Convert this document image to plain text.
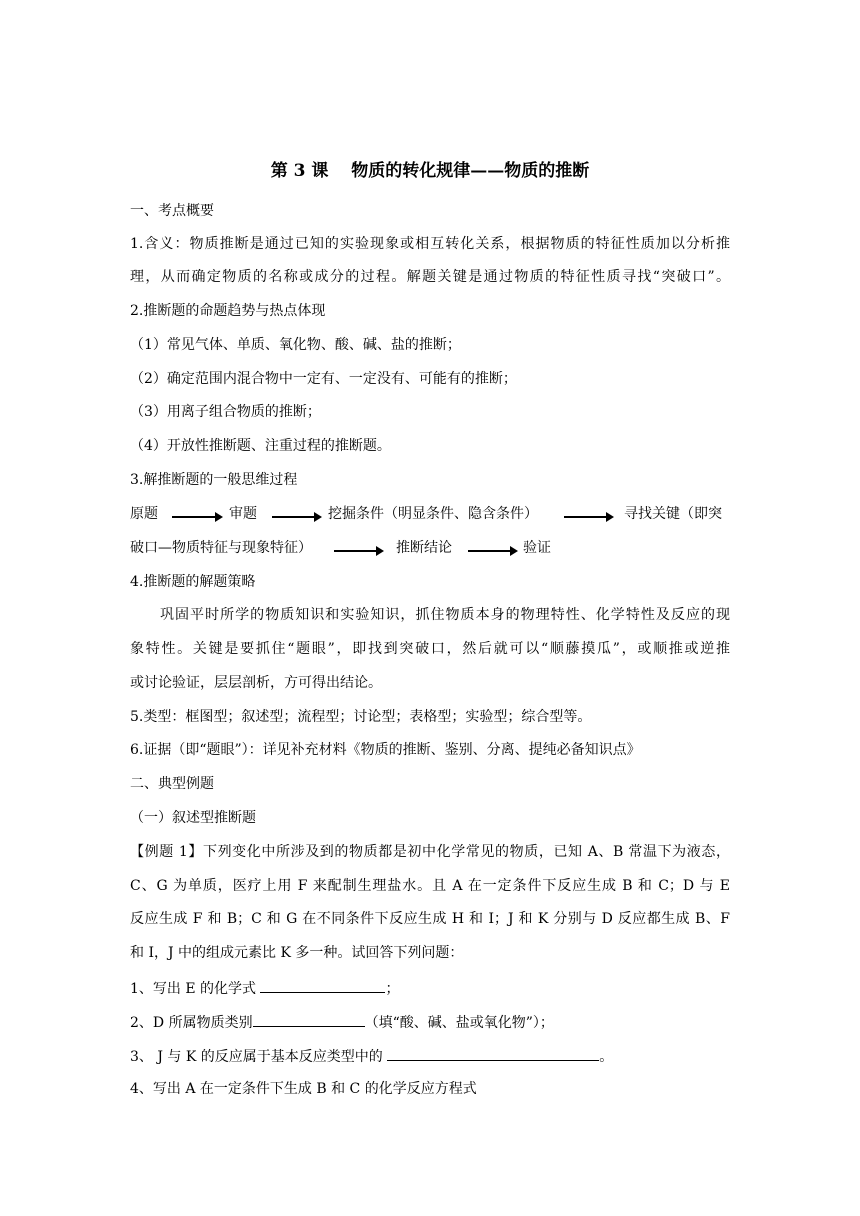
第 3 课　 物质的转化规律——物质的推断
一、考点概要
1.含义：物质推断是通过已知的实验现象或相互转化关系，根据物质的特征性质加以分析推
理，从而确定物质的名称或成分的过程。解题关键是通过物质的特征性质寻找“突破口”。
2.推断题的命题趋势与热点体现
（1）常见气体、单质、氧化物、酸、碱、盐的推断；
（2）确定范围内混合物中一定有、一定没有、可能有的推断；
（3）用离子组合物质的推断；
（4）开放性推断题、注重过程的推断题。
3.解推断题的一般思维过程
原题	审题	挖掘条件（明显条件、隐含条件）	寻找关键（即突
破口—物质特征与现象特征）	推断结论	验证
4.推断题的解题策略
巩固平时所学的物质知识和实验知识，抓住物质本身的物理特性、化学特性及反应的现
象特性。关键是要抓住“题眼”，即找到突破口，然后就可以“顺藤摸瓜”，或顺推或逆推
或讨论验证，层层剖析，方可得出结论。
5.类型：框图型；叙述型；流程型；讨论型；表格型；实验型；综合型等。
6.证据（即“题眼”）：详见补充材料《物质的推断、鉴别、分离、提纯必备知识点》
二、典型例题
（一）叙述型推断题
【例题 1】下列变化中所涉及到的物质都是初中化学常见的物质，已知 A、B 常温下为液态，
C、G 为单质，医疗上用 F 来配制生理盐水。且 A 在一定条件下反应生成 B 和 C；D 与 E
反应生成 F 和 B；C 和 G 在不同条件下反应生成 H 和 I；J 和 K 分别与 D 反应都生成 B、F
和 I，J 中的组成元素比 K 多一种。试回答下列问题：
1、写出 E 的化学式	；
2、D 所属物质类别	（填“酸、碱、盐或氧化物”）；
3、 J 与 K 的反应属于基本反应类型中的	。
4、写出 A 在一定条件下生成 B 和 C 的化学反应方程式
